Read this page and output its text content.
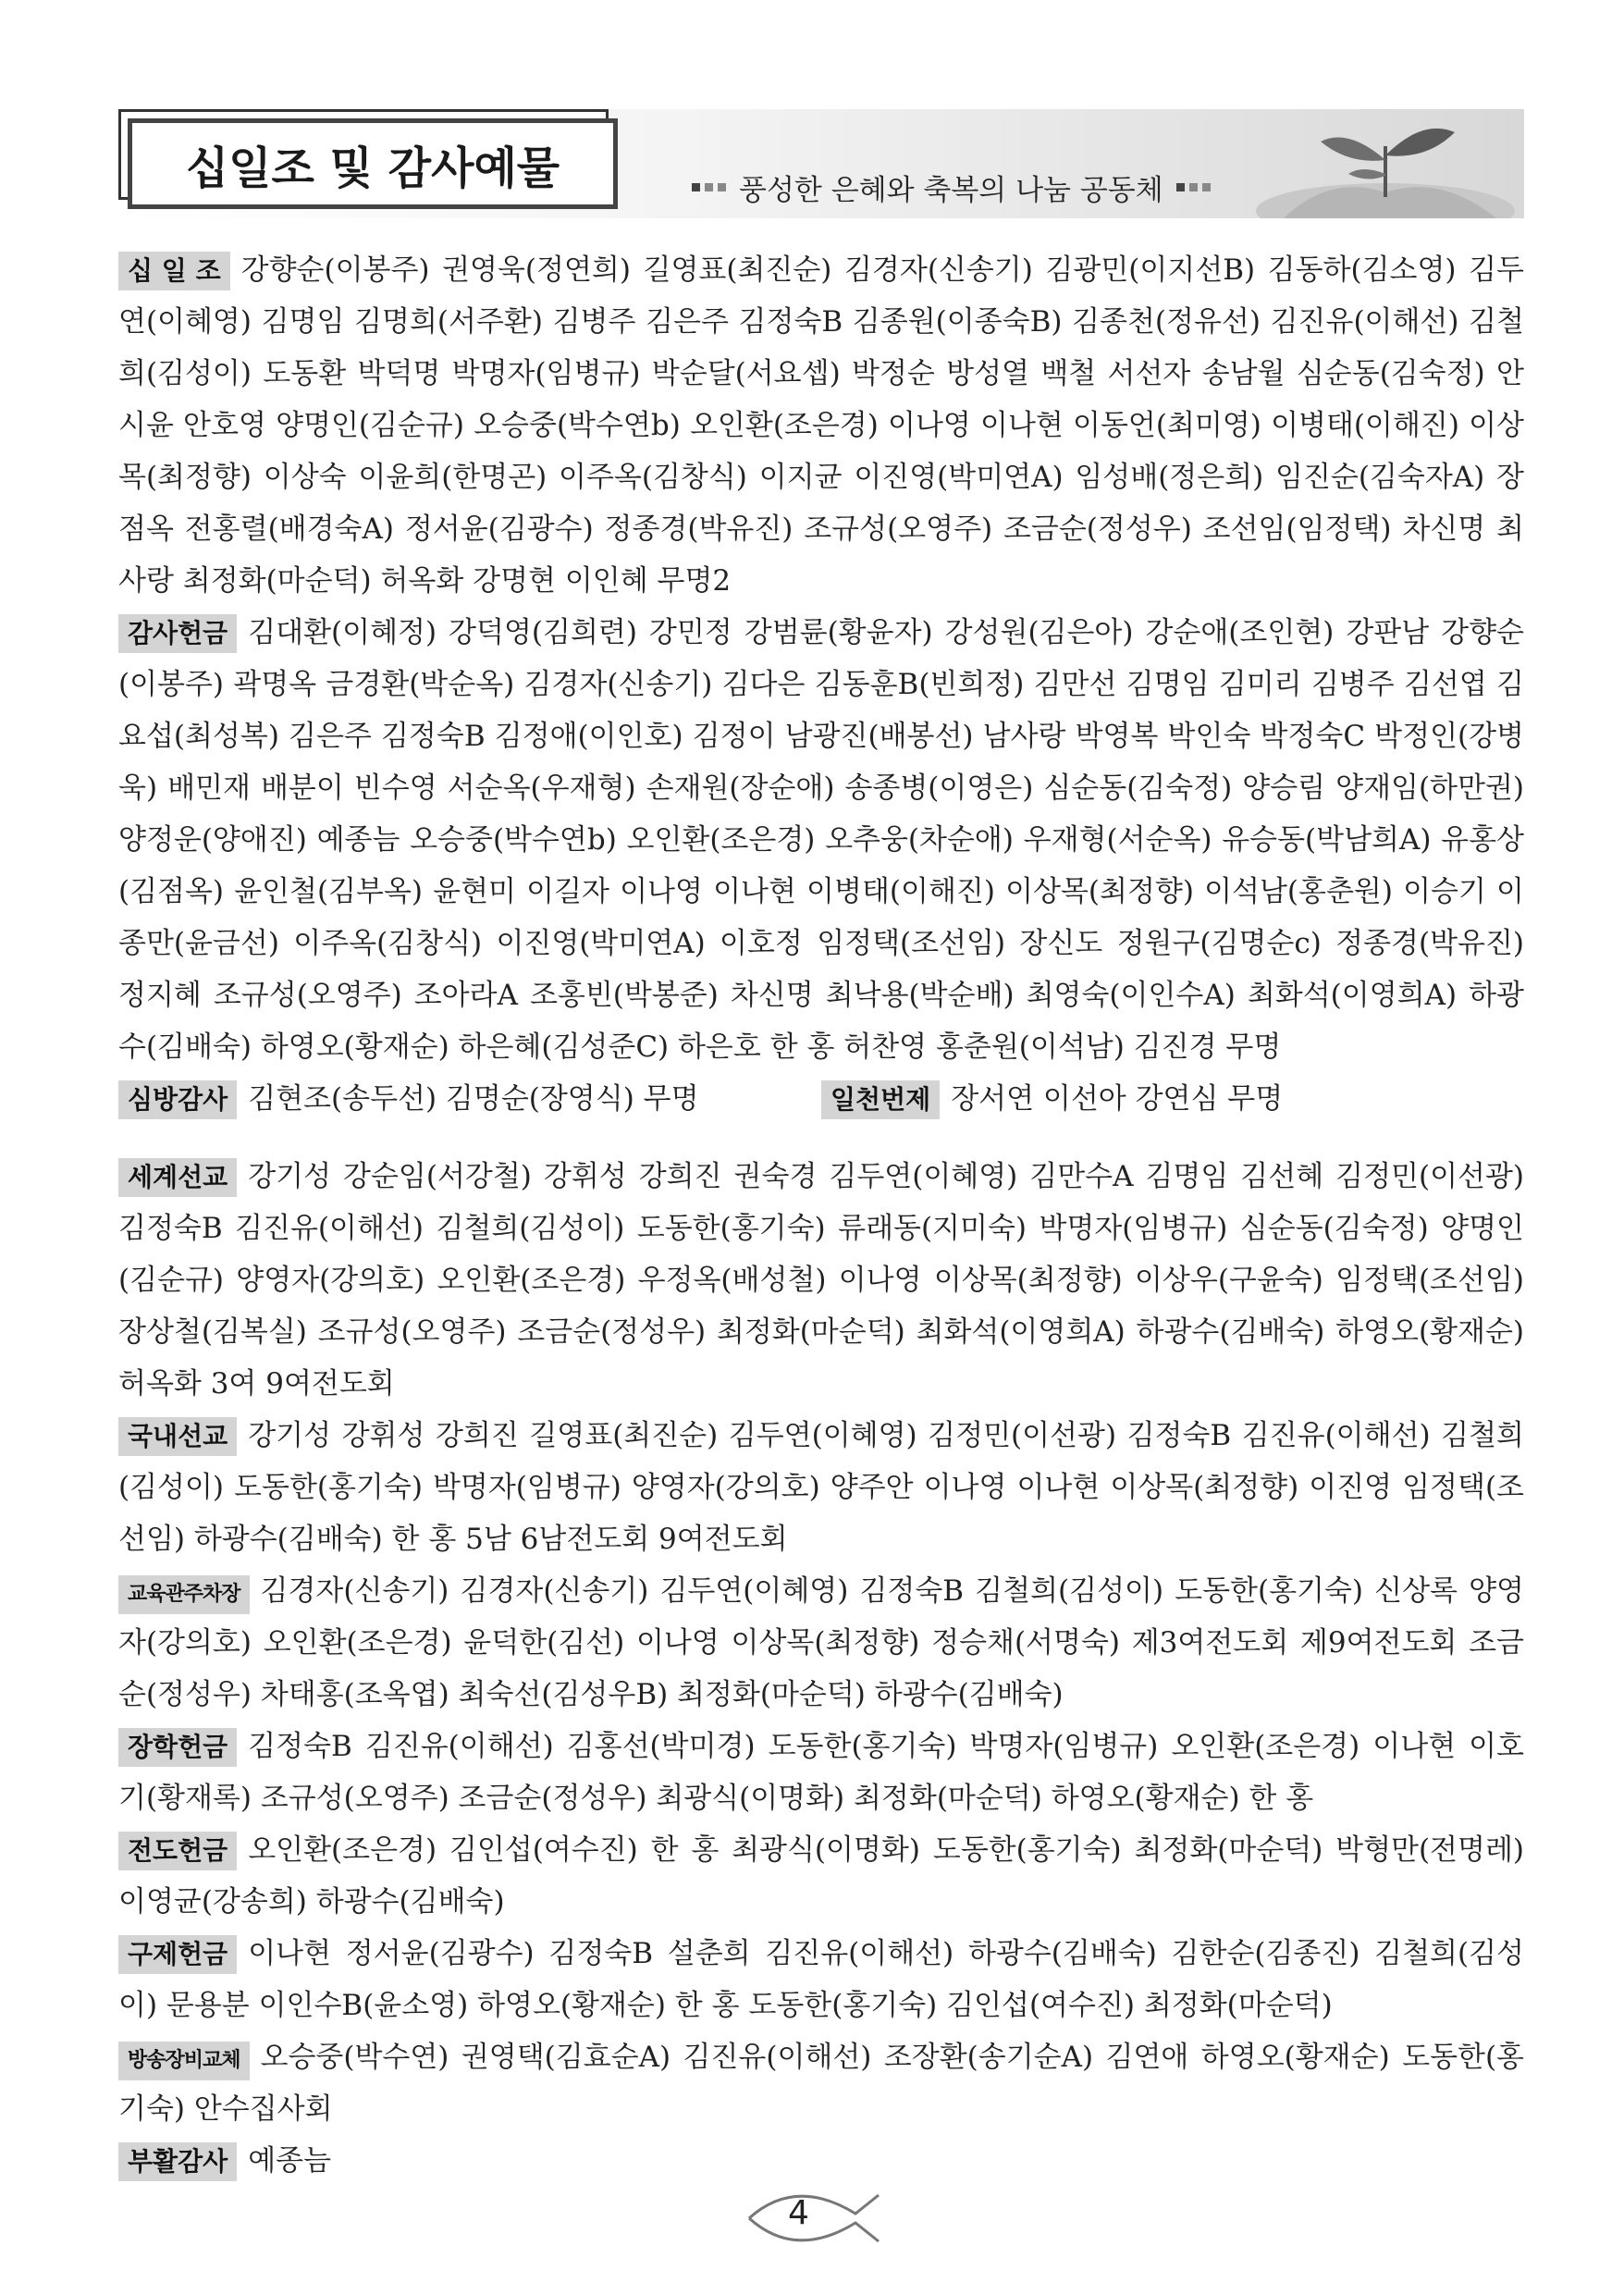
십일조 및 감사예물	풍성한 은혜와 축복의 나눔 공동체

십 일 조 강향순(이봉주) 권영욱(정연희) 길영표(최진순) 김경자(신송기) 김광민(이지선B) 김동하(김소영) 김두연(이혜영) 김명임 김명희(서주환) 김병주 김은주 김정숙B 김종원(이종숙B) 김종천(정유선) 김진유(이해선) 김철희(김성이) 도동환 박덕명 박명자(임병규) 박순달(서요셉) 박정순 방성열 백철 서선자 송남월 심순동(김숙정) 안시윤 안호영 양명인(김순규) 오승중(박수연b) 오인환(조은경) 이나영 이나현 이동언(최미영) 이병태(이해진) 이상목(최정향) 이상숙 이윤희(한명곤) 이주옥(김창식) 이지균 이진영(박미연A) 임성배(정은희) 임진순(김숙자A) 장점옥 전홍렬(배경숙A) 정서윤(김광수) 정종경(박유진) 조규성(오영주) 조금순(정성우) 조선임(임정택) 차신명 최사랑 최정화(마순덕) 허옥화 강명현 이인혜 무명2

감사헌금 김대환(이혜정) 강덕영(김희련) 강민정 강범륜(황윤자) 강성원(김은아) 강순애(조인현) 강판남 강향순(이봉주) 곽명옥 금경환(박순옥) 김경자(신송기) 김다은 김동훈B(빈희정) 김만선 김명임 김미리 김병주 김선엽 김요섭(최성복) 김은주 김정숙B 김정애(이인호) 김정이 남광진(배봉선) 남사랑 박영복 박인숙 박정숙C 박정인(강병욱) 배민재 배분이 빈수영 서순옥(우재형) 손재원(장순애) 송종병(이영은) 심순동(김숙정) 양승림 양재임(하만권) 양정운(양애진) 예종늠 오승중(박수연b) 오인환(조은경) 오추웅(차순애) 우재형(서순옥) 유승동(박남희A) 유홍상(김점옥) 윤인철(김부옥) 윤현미 이길자 이나영 이나현 이병태(이해진) 이상목(최정향) 이석남(홍춘원) 이승기 이종만(윤금선) 이주옥(김창식) 이진영(박미연A) 이호정 임정택(조선임) 장신도 정원구(김명순c) 정종경(박유진) 정지혜 조규성(오영주) 조아라A 조홍빈(박봉준) 차신명 최낙용(박순배) 최영숙(이인수A) 최화석(이영희A) 하광수(김배숙) 하영오(황재순) 하은혜(김성준C) 하은호 한 홍 허찬영 홍춘원(이석남) 김진경 무명

심방감사 김현조(송두선) 김명순(장영식) 무명	일천번제 장서연 이선아 강연심 무명

세계선교 강기성 강순임(서강철) 강휘성 강희진 권숙경 김두연(이혜영) 김만수A 김명임 김선혜 김정민(이선광) 김정숙B 김진유(이해선) 김철희(김성이) 도동한(홍기숙) 류래동(지미숙) 박명자(임병규) 심순동(김숙정) 양명인(김순규) 양영자(강의호) 오인환(조은경) 우정옥(배성철) 이나영 이상목(최정향) 이상우(구윤숙) 임정택(조선임) 장상철(김복실) 조규성(오영주) 조금순(정성우) 최정화(마순덕) 최화석(이영희A) 하광수(김배숙) 하영오(황재순) 허옥화 3여 9여전도회

국내선교 강기성 강휘성 강희진 길영표(최진순) 김두연(이혜영) 김정민(이선광) 김정숙B 김진유(이해선) 김철희(김성이) 도동한(홍기숙) 박명자(임병규) 양영자(강의호) 양주안 이나영 이나현 이상목(최정향) 이진영 임정택(조선임) 하광수(김배숙) 한 홍 5남 6남전도회 9여전도회

교육관주차장 김경자(신송기) 김경자(신송기) 김두연(이혜영) 김정숙B 김철희(김성이) 도동한(홍기숙) 신상록 양영자(강의호) 오인환(조은경) 윤덕한(김선) 이나영 이상목(최정향) 정승채(서명숙) 제3여전도회 제9여전도회 조금순(정성우) 차태홍(조옥엽) 최숙선(김성우B) 최정화(마순덕) 하광수(김배숙)

장학헌금 김정숙B 김진유(이해선) 김홍선(박미경) 도동한(홍기숙) 박명자(임병규) 오인환(조은경) 이나현 이호기(황재록) 조규성(오영주) 조금순(정성우) 최광식(이명화) 최정화(마순덕) 하영오(황재순) 한 홍

전도헌금 오인환(조은경) 김인섭(여수진) 한 홍 최광식(이명화) 도동한(홍기숙) 최정화(마순덕) 박형만(전명레) 이영균(강송희) 하광수(김배숙)

구제헌금 이나현 정서윤(김광수) 김정숙B 설춘희 김진유(이해선) 하광수(김배숙) 김한순(김종진) 김철희(김성이) 문용분 이인수B(윤소영) 하영오(황재순) 한 홍 도동한(홍기숙) 김인섭(여수진) 최정화(마순덕)

방송장비교체 오승중(박수연) 권영택(김효순A) 김진유(이해선) 조장환(송기순A) 김연애 하영오(황재순) 도동한(홍기숙) 안수집사회

부활감사 예종늠

4
